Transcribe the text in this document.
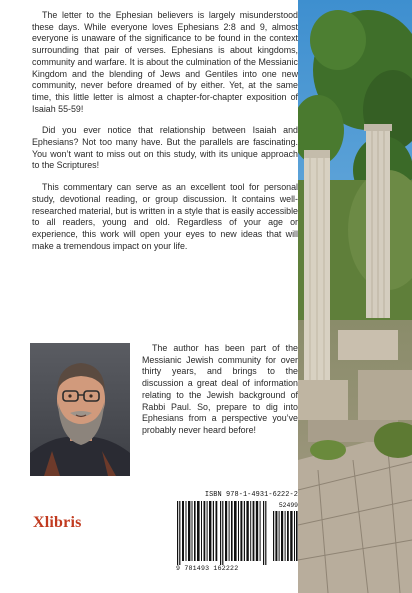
The letter to the Ephesian believers is largely misunderstood these days. While everyone loves Ephesians 2:8 and 9, almost everyone is unaware of the significance to be found in the context surrounding that pair of verses. Ephesians is about kingdoms, community and warfare. It is about the culmination of the Messianic Kingdom and the blending of Jews and Gentiles into one new community, never before dreamed of by either. Yet, at the same time, this little letter is almost a chapter-for-chapter exposition of Isaiah 55-59!

Did you ever notice that relationship between Isaiah and Ephesians? Not too many have. But the parallels are fascinating. You won’t want to miss out on this study, with its unique approach to the Scriptures!

This commentary can serve as an excellent tool for personal study, devotional reading, or group discussion. It contains well-researched material, but is written in a style that is easily accessible to all readers, young and old. Regardless of your age or experience, this work will open your eyes to new ideas that will make a tremendous impact on your life.

The author has been part of the Messianic Jewish community for over thirty years, and brings to the discussion a great deal of information relating to the Jewish background of Rabbi Paul. So, prepare to dig into Ephesians from a perspective you’ve probably never heard before!

Xlibris
ISBN 978-1-4931-6222-2
52499
9 781493 162222
